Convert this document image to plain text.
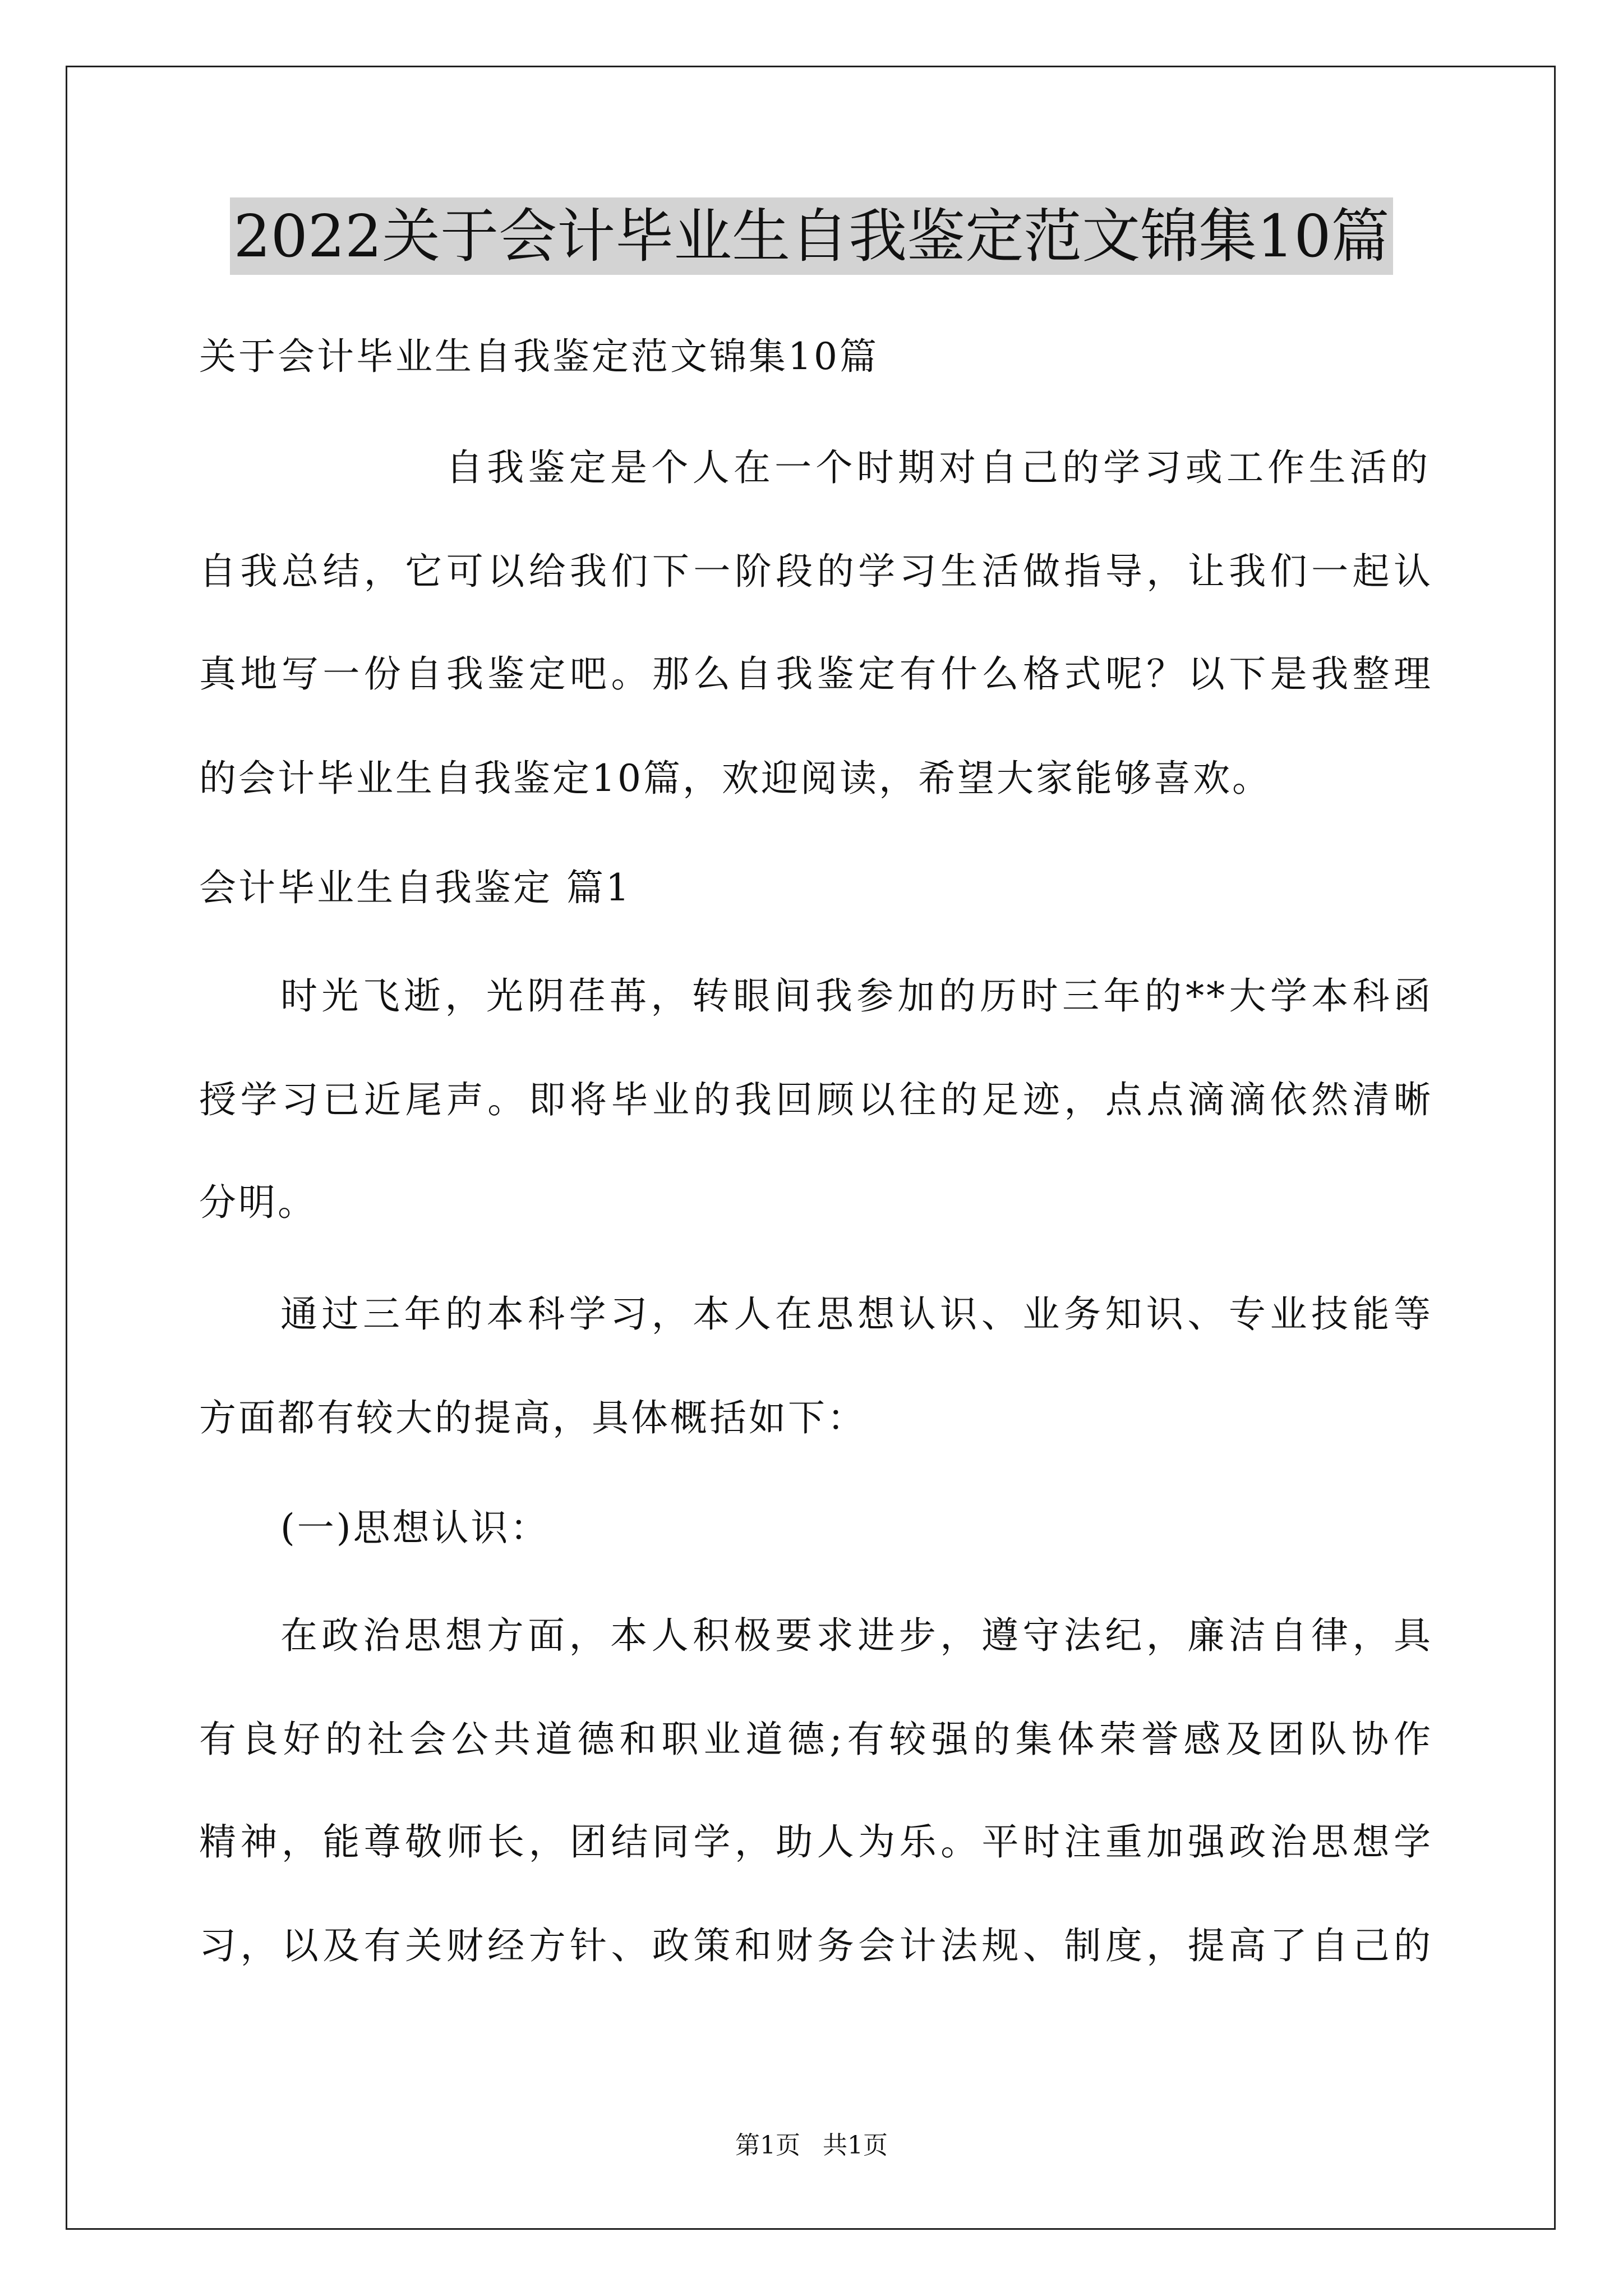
2022关于会计毕业生自我鉴定范文锦集10篇
关于会计毕业生自我鉴定范文锦集10篇
自我鉴定是个人在一个时期对自己的学习或工作生活的
自我总结，它可以给我们下一阶段的学习生活做指导，让我们一起认
真地写一份自我鉴定吧。那么自我鉴定有什么格式呢？以下是我整理
的会计毕业生自我鉴定10篇，欢迎阅读，希望大家能够喜欢。
会计毕业生自我鉴定 篇1
时光飞逝，光阴荏苒，转眼间我参加的历时三年的**大学本科函
授学习已近尾声。即将毕业的我回顾以往的足迹，点点滴滴依然清晰
分明。
通过三年的本科学习，本人在思想认识、业务知识、专业技能等
方面都有较大的提高，具体概括如下：
(一)思想认识：
在政治思想方面，本人积极要求进步，遵守法纪，廉洁自律，具
有良好的社会公共道德和职业道德;有较强的集体荣誉感及团队协作
精神，能尊敬师长，团结同学，助人为乐。平时注重加强政治思想学
习，以及有关财经方针、政策和财务会计法规、制度，提高了自己的
第1页 共1页
